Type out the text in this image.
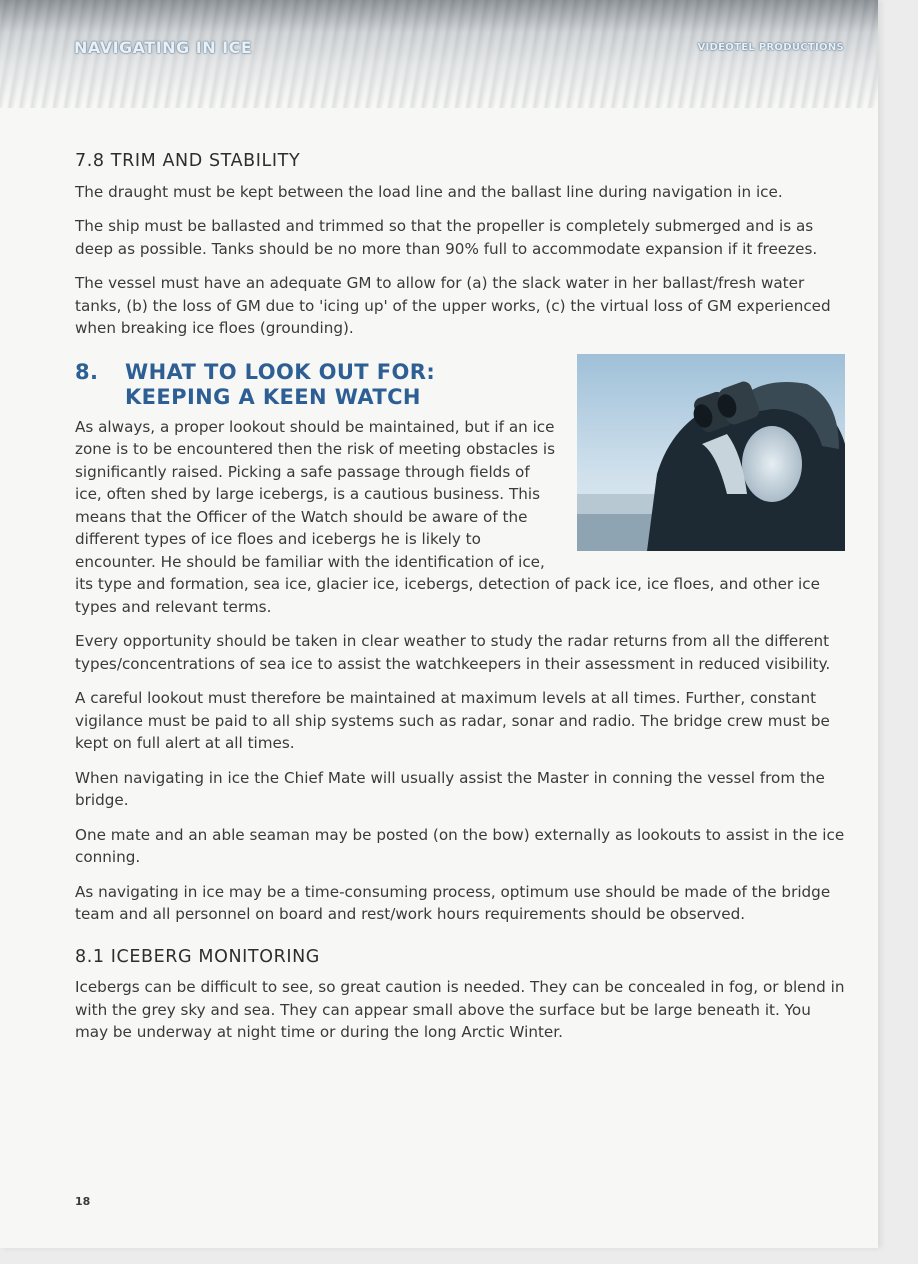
NAVIGATING IN ICE	VIDEOTEL PRODUCTIONS
7.8 TRIM AND STABILITY

The draught must be kept between the load line and the ballast line during navigation in ice.

The ship must be ballasted and trimmed so that the propeller is completely submerged and is as deep as possible. Tanks should be no more than 90% full to accommodate expansion if it freezes.

The vessel must have an adequate GM to allow for (a) the slack water in her ballast/fresh water tanks, (b) the loss of GM due to 'icing up' of the upper works, (c) the virtual loss of GM experienced when breaking ice floes (grounding).

8.	WHAT TO LOOK OUT FOR:
KEEPING A KEEN WATCH

As always, a proper lookout should be maintained, but if an ice zone is to be encountered then the risk of meeting obstacles is significantly raised. Picking a safe passage through fields of ice, often shed by large icebergs, is a cautious business. This means that the Officer of the Watch should be aware of the different types of ice floes and icebergs he is likely to encounter. He should be familiar with the identification of ice, its type and formation, sea ice, glacier ice, icebergs, detection of pack ice, ice floes, and other ice types and relevant terms.

Every opportunity should be taken in clear weather to study the radar returns from all the different types/concentrations of sea ice to assist the watchkeepers in their assessment in reduced visibility.

A careful lookout must therefore be maintained at maximum levels at all times. Further, constant vigilance must be paid to all ship systems such as radar, sonar and radio. The bridge crew must be kept on full alert at all times.

When navigating in ice the Chief Mate will usually assist the Master in conning the vessel from the bridge.

One mate and an able seaman may be posted (on the bow) externally as lookouts to assist in the ice conning.

As navigating in ice may be a time-consuming process, optimum use should be made of the bridge team and all personnel on board and rest/work hours requirements should be observed.

8.1 ICEBERG MONITORING

Icebergs can be difficult to see, so great caution is needed. They can be concealed in fog, or blend in with the grey sky and sea. They can appear small above the surface but be large beneath it. You may be underway at night time or during the long Arctic Winter.

18
